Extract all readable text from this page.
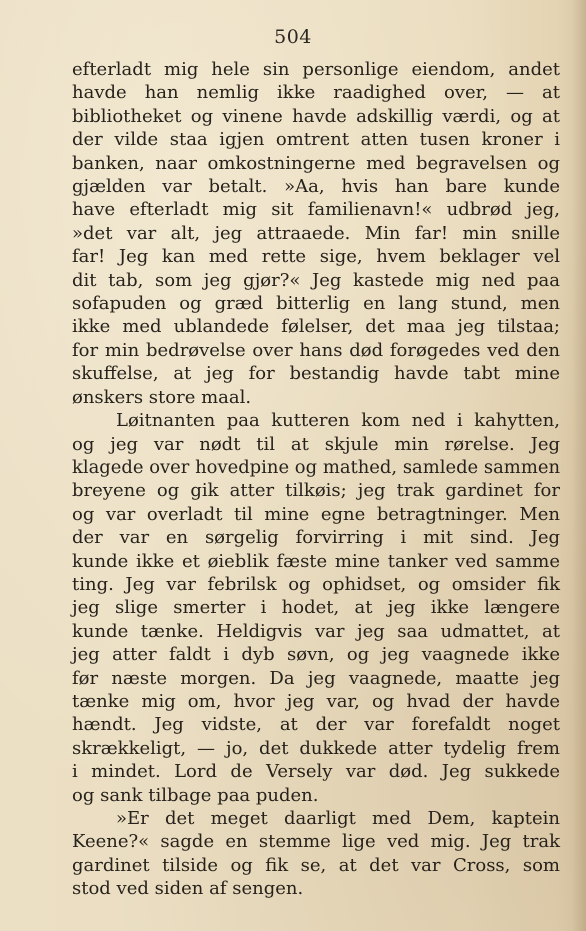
504
efterladt mig hele sin personlige eiendom, andet
havde han nemlig ikke raadighed over, — at
bibliotheket og vinene havde adskillig værdi, og at
der vilde staa igjen omtrent atten tusen kroner i
banken, naar omkostningerne med begravelsen og
gjælden var betalt. »Aa, hvis han bare kunde
have efterladt mig sit familienavn!« udbrød jeg,
»det var alt, jeg attraaede. Min far! min snille
far! Jeg kan med rette sige, hvem beklager vel
dit tab, som jeg gjør?« Jeg kastede mig ned paa
sofapuden og græd bitterlig en lang stund, men
ikke med ublandede følelser, det maa jeg tilstaa;
for min bedrøvelse over hans død forøgedes ved den
skuffelse, at jeg for bestandig havde tabt mine
ønskers store maal.
Løitnanten paa kutteren kom ned i kahytten,
og jeg var nødt til at skjule min rørelse. Jeg
klagede over hovedpine og mathed, samlede sammen
breyene og gik atter tilkøis; jeg trak gardinet for
og var overladt til mine egne betragtninger. Men
der var en sørgelig forvirring i mit sind. Jeg
kunde ikke et øieblik fæste mine tanker ved samme
ting. Jeg var febrilsk og ophidset, og omsider fik
jeg slige smerter i hodet, at jeg ikke længere
kunde tænke. Heldigvis var jeg saa udmattet, at
jeg atter faldt i dyb søvn, og jeg vaagnede ikke
før næste morgen. Da jeg vaagnede, maatte jeg
tænke mig om, hvor jeg var, og hvad der havde
hændt. Jeg vidste, at der var forefaldt noget
skrækkeligt, — jo, det dukkede atter tydelig frem
i mindet. Lord de Versely var død. Jeg sukkede
og sank tilbage paa puden.
»Er det meget daarligt med Dem, kaptein
Keene?« sagde en stemme lige ved mig. Jeg trak
gardinet tilside og fik se, at det var Cross, som
stod ved siden af sengen.
